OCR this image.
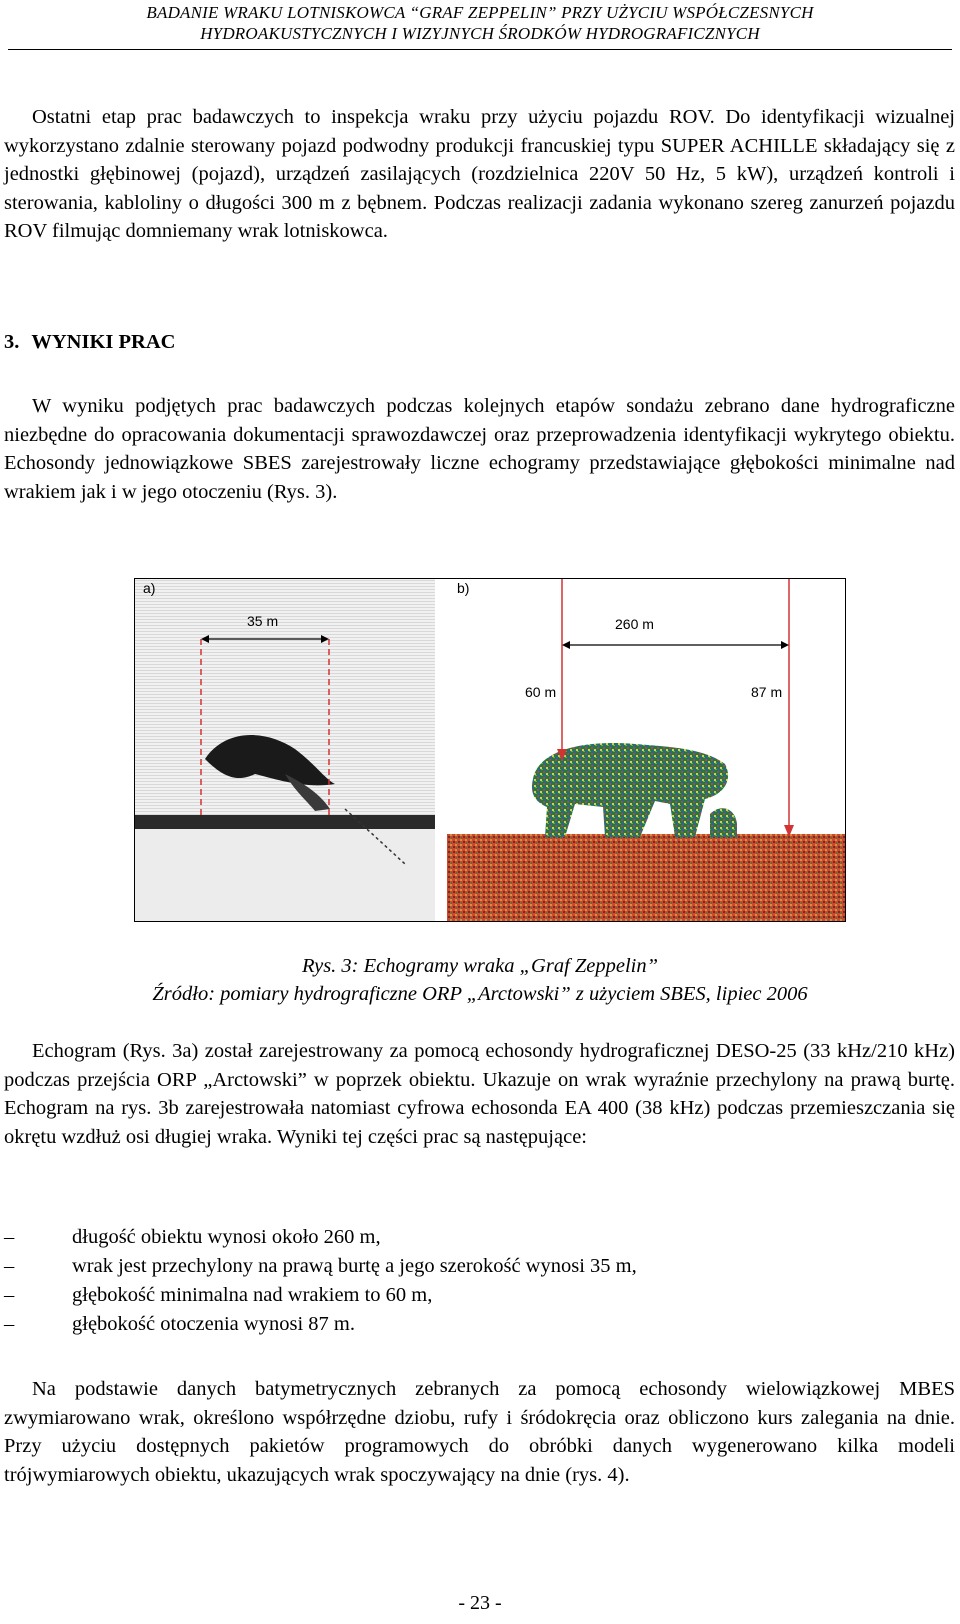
BADANIE WRAKU LOTNISKOWCA “GRAF ZEPPELIN” PRZY UŻYCIU WSPÓŁCZESNYCH
HYDROAKUSTYCZNYCH I WIZYJNYCH ŚRODKÓW HYDROGRAFICZNYCH

Ostatni etap prac badawczych to inspekcja wraku przy użyciu pojazdu ROV. Do identyfikacji wizualnej wykorzystano zdalnie sterowany pojazd podwodny produkcji francuskiej typu SUPER ACHILLE składający się z jednostki głębinowej (pojazd), urządzeń zasilających (rozdzielnica 220V 50 Hz, 5 kW), urządzeń kontroli i sterowania, kabloliny o długości 300 m z bębnem. Podczas realizacji zadania wykonano szereg zanurzeń pojazdu ROV filmując domniemany wrak lotniskowca.

3. WYNIKI PRAC

W wyniku podjętych prac badawczych podczas kolejnych etapów sondażu zebrano dane hydrograficzne niezbędne do opracowania dokumentacji sprawozdawczej oraz przeprowadzenia identyfikacji wykrytego obiektu. Echosondy jednowiązkowe SBES zarejestrowały liczne echogramy przedstawiające głębokości minimalne nad wrakiem jak i w jego otoczeniu (Rys. 3).

a)
35 m
b)
260 m
60 m	87 m
Rys. 3: Echogramy wraka „Graf Zeppelin”
Źródło: pomiary hydrograficzne ORP „Arctowski” z użyciem SBES, lipiec 2006

Echogram (Rys. 3a) został zarejestrowany za pomocą echosondy hydrograficznej DESO-25 (33 kHz/210 kHz) podczas przejścia ORP „Arctowski” w poprzek obiektu. Ukazuje on wrak wyraźnie przechylony na prawą burtę. Echogram na rys. 3b zarejestrowała natomiast cyfrowa echosonda EA 400 (38 kHz) podczas przemieszczania się okrętu wzdłuż osi długiej wraka. Wyniki tej części prac są następujące:

–	długość obiektu wynosi około 260 m,
–	wrak jest przechylony na prawą burtę a jego szerokość wynosi 35 m,
–	głębokość minimalna nad wrakiem to 60 m,
–	głębokość otoczenia wynosi 87 m.

Na podstawie danych batymetrycznych zebranych za pomocą echosondy wielowiązkowej MBES zwymiarowano wrak, określono współrzędne dziobu, rufy i śródokręcia oraz obliczono kurs zalegania na dnie. Przy użyciu dostępnych pakietów programowych do obróbki danych wygenerowano kilka modeli trójwymiarowych obiektu, ukazujących wrak spoczywający na dnie (rys. 4).

- 23 -
